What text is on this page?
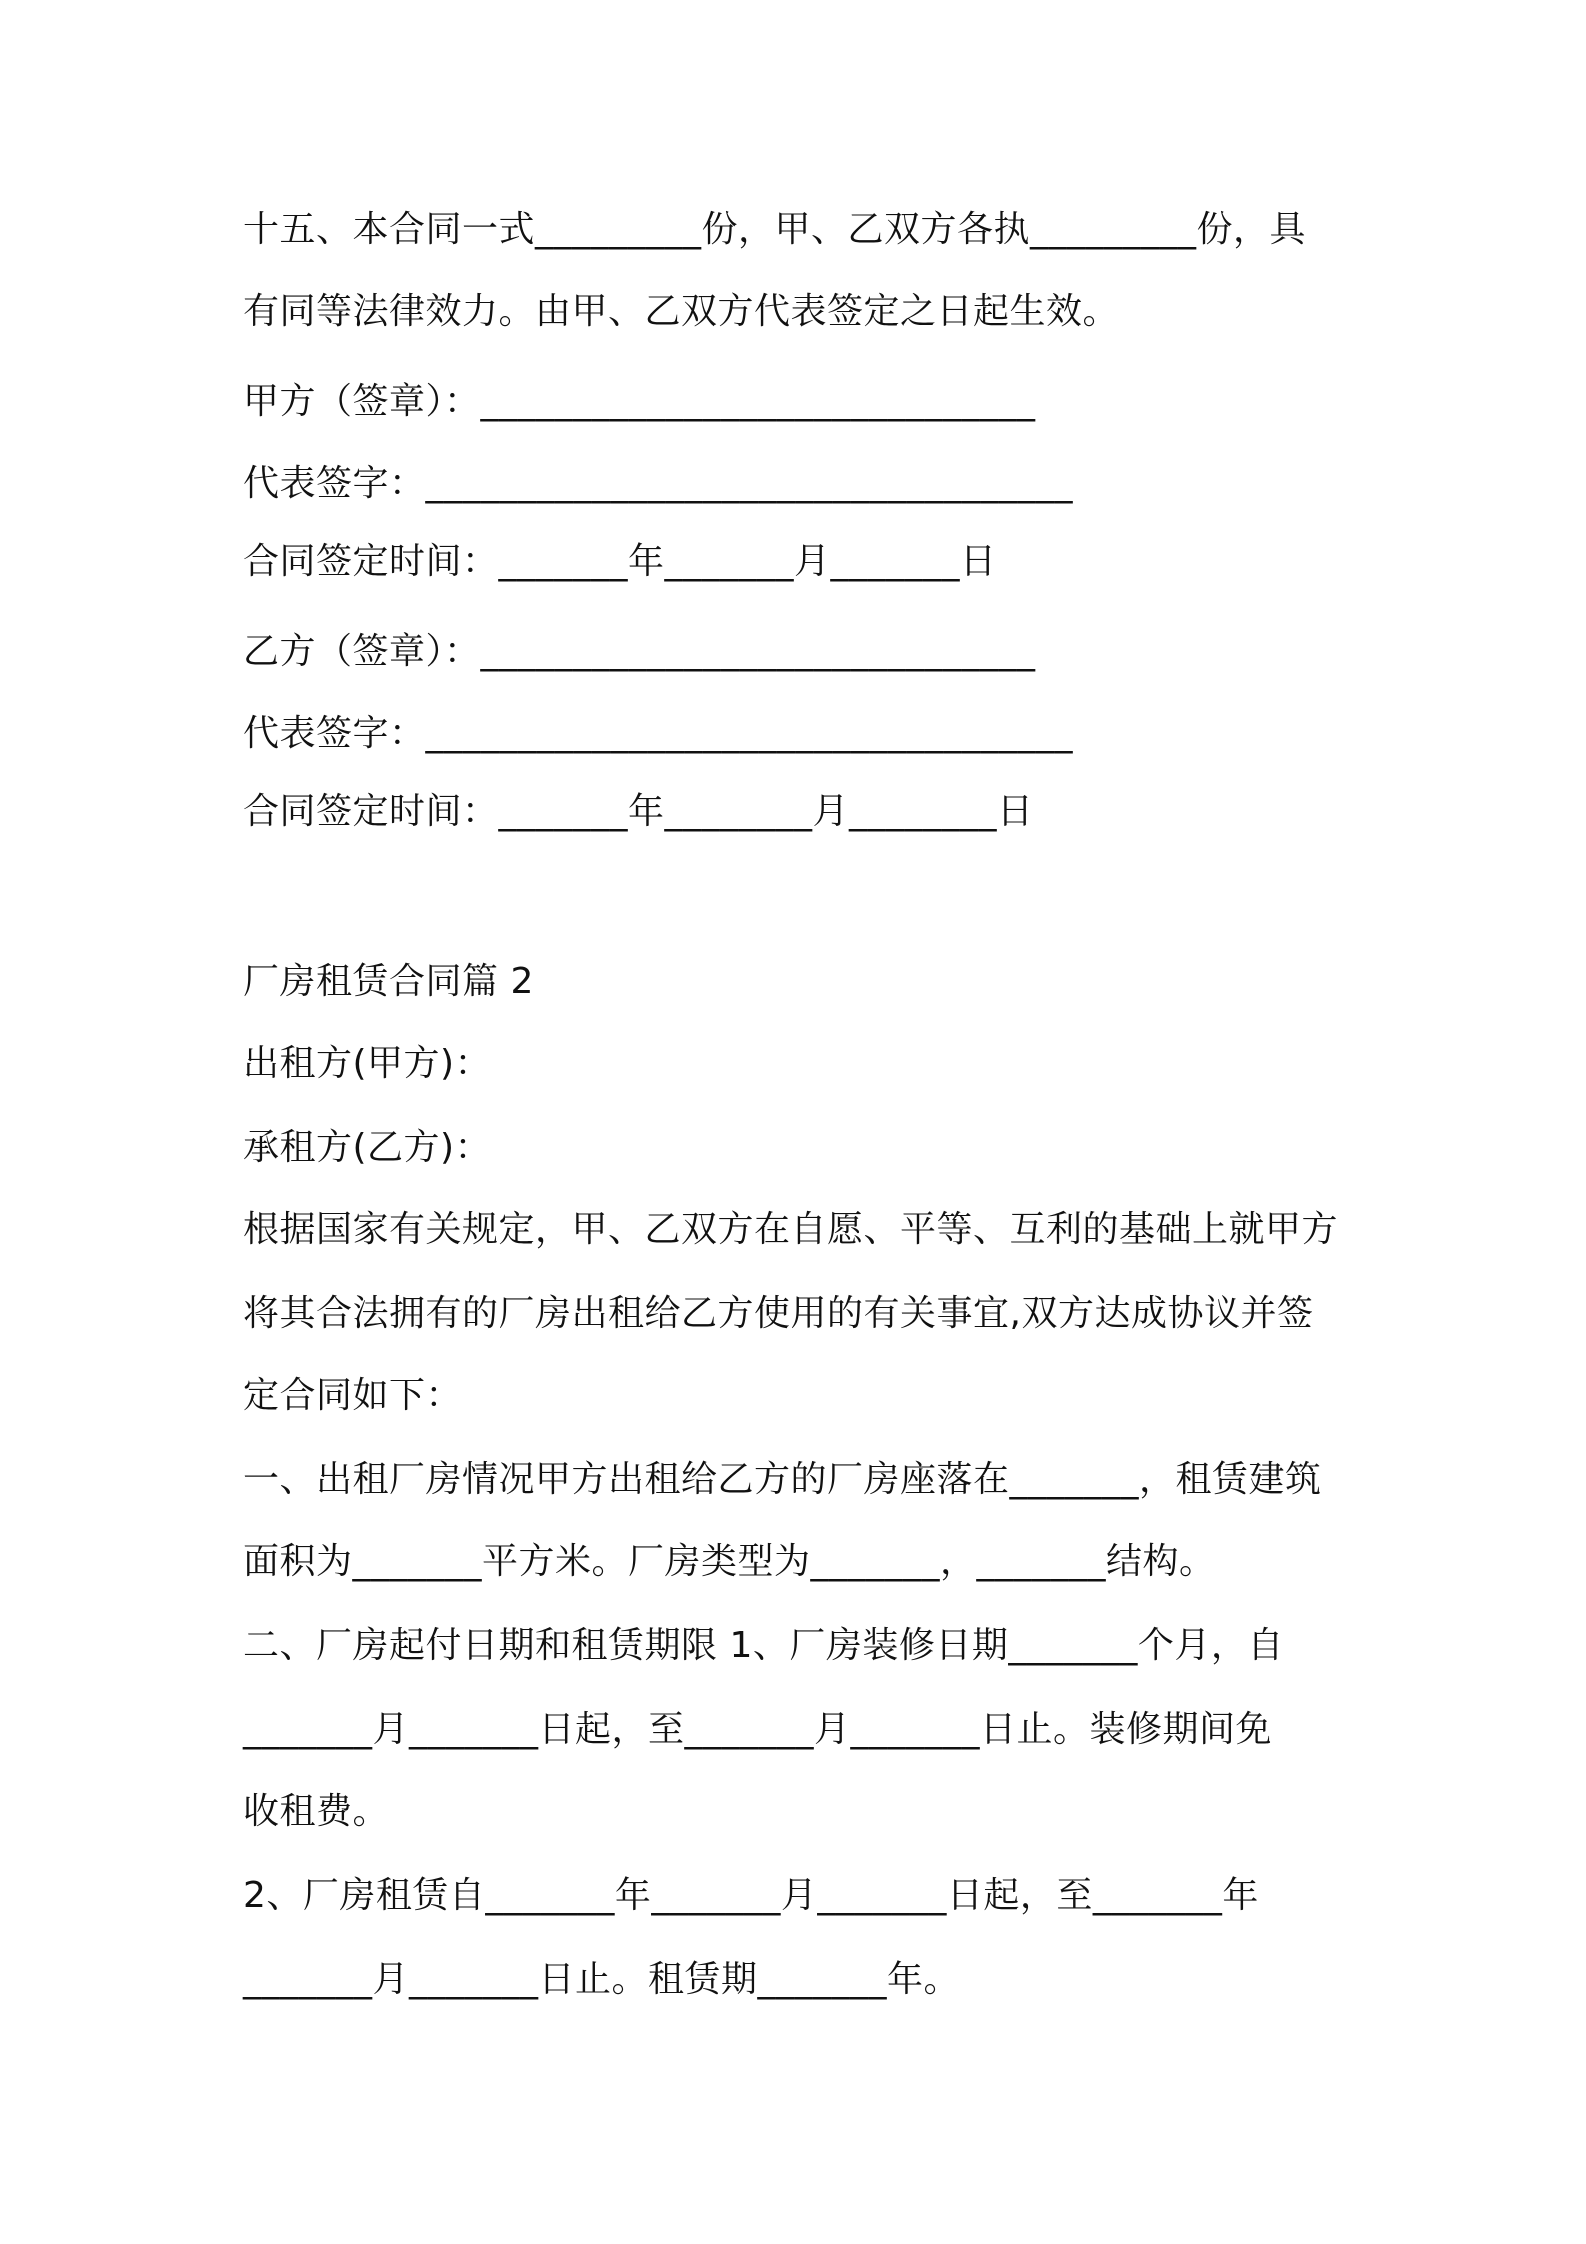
十五、本合同一式_________份，甲、乙双方各执_________份，具

有同等法律效力。由甲、乙双方代表签定之日起生效。

甲方（签章）：______________________________

代表签字：___________________________________

合同签定时间：_______年_______月_______日

乙方（签章）：______________________________

代表签字：___________________________________

合同签定时间：_______年________月________日

厂房租赁合同篇 2

出租方(甲方)：

承租方(乙方)：

根据国家有关规定，甲、乙双方在自愿、平等、互利的基础上就甲方

将其合法拥有的厂房出租给乙方使用的有关事宜,双方达成协议并签

定合同如下：

一、出租厂房情况甲方出租给乙方的厂房座落在_______，租赁建筑

面积为_______平方米。厂房类型为_______，_______结构。

二、厂房起付日期和租赁期限 1、厂房装修日期_______个月，自

_______月_______日起，至_______月_______日止。装修期间免

收租费。

2、厂房租赁自_______年_______月_______日起，至_______年

_______月_______日止。租赁期_______年。
